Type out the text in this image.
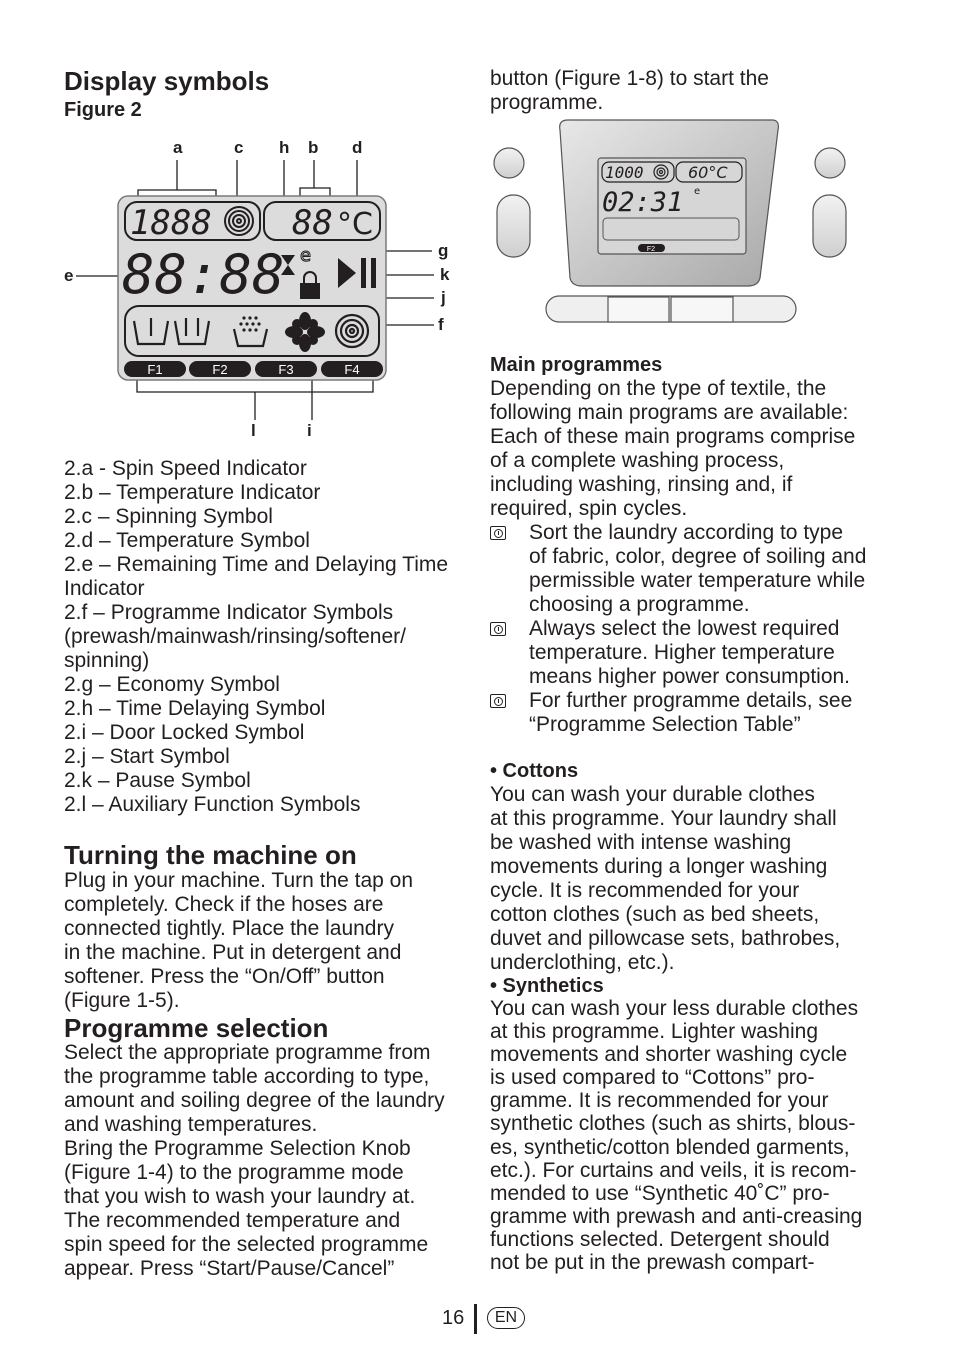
Display symbols
Figure 2
a	c h b d
e
g
k
j
f
l	i
1888 88 °C
88:88 e
F1	F2	F3	F4
2.a - Spin Speed Indicator
2.b – Temperature Indicator
2.c – Spinning Symbol
2.d – Temperature Symbol
2.e – Remaining Time and Delaying Time
Indicator
2.f – Programme Indicator Symbols
(prewash/mainwash/rinsing/softener/
spinning)
2.g – Economy Symbol
2.h – Time Delaying Symbol
2.i – Door Locked Symbol
2.j – Start Symbol
2.k – Pause Symbol
2.l – Auxiliary Function Symbols
Turning the machine on
Plug in your machine. Turn the tap on
completely. Check if the hoses are
connected tightly. Place the laundry
in the machine. Put in detergent and
softener. Press the “On/Off” button
(Figure 1-5).
Programme selection
Select the appropriate programme from
the programme table according to type,
amount and soiling degree of the laundry
and washing temperatures.
Bring the Programme Selection Knob
(Figure 1-4) to the programme mode
that you wish to wash your laundry at.
The recommended temperature and
spin speed for the selected programme
appear. Press “Start/Pause/Cancel”
button (Figure 1-8) to start the
programme.
1000	60°C
02:31 e
F2
Main programmes
Depending on the type of textile, the
following main programs are available:
Each of these main programs comprise
of a complete washing process,
including washing, rinsing and, if
required, spin cycles.
Sort the laundry according to type
of fabric, color, degree of soiling and
permissible water temperature while
choosing a programme.
Always select the lowest required
temperature. Higher temperature
means higher power consumption.
For further programme details, see
“Programme Selection Table”
• Cottons
You can wash your durable clothes
at this programme. Your laundry shall
be washed with intense washing
movements during a longer washing
cycle. It is recommended for your
cotton clothes (such as bed sheets,
duvet and pillowcase sets, bathrobes,
underclothing, etc.).
• Synthetics
You can wash your less durable clothes
at this programme. Lighter washing
movements and shorter washing cycle
is used compared to “Cottons” pro-
gramme. It is recommended for your
synthetic clothes (such as shirts, blous-
es, synthetic/cotton blended garments,
etc.). For curtains and veils, it is recom-
mended to use “Synthetic 40˚C” pro-
gramme with prewash and anti-creasing
functions selected. Detergent should
not be put in the prewash compart-
16	EN
